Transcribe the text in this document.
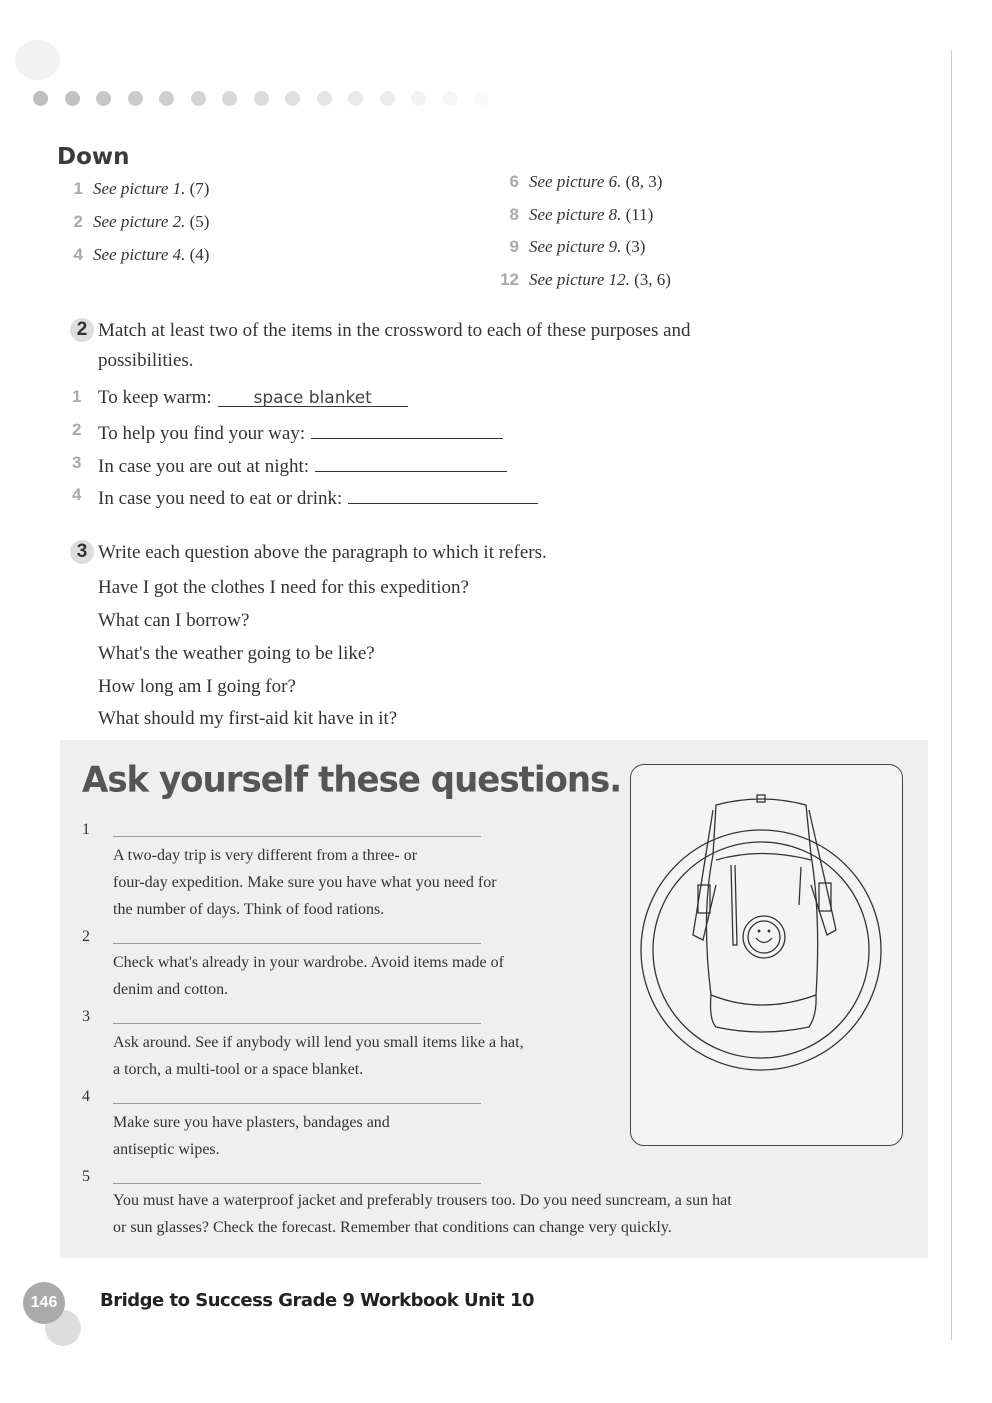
Down
1 See picture 1. (7)
2 See picture 2. (5)
4 See picture 4. (4)
6 See picture 6. (8, 3)
8 See picture 8. (11)
9 See picture 9. (3)
12 See picture 12. (3, 6)
2 Match at least two of the items in the crossword to each of these purposes and
possibilities.
1 To keep warm: space blanket
2 To help you find your way:
3 In case you are out at night:
4 In case you need to eat or drink:
3 Write each question above the paragraph to which it refers.
Have I got the clothes I need for this expedition?
What can I borrow?
What's the weather going to be like?
How long am I going for?
What should my first-aid kit have in it?
Ask yourself these questions.
1
A two-day trip is very different from a three- or
four-day expedition. Make sure you have what you need for
the number of days. Think of food rations.
2
Check what's already in your wardrobe. Avoid items made of
denim and cotton.
3
Ask around. See if anybody will lend you small items like a hat,
a torch, a multi-tool or a space blanket.
4
Make sure you have plasters, bandages and
antiseptic wipes.
5
You must have a waterproof jacket and preferably trousers too. Do you need suncream, a sun hat
or sun glasses? Check the forecast. Remember that conditions can change very quickly.
146	Bridge to Success Grade 9 Workbook Unit 10
